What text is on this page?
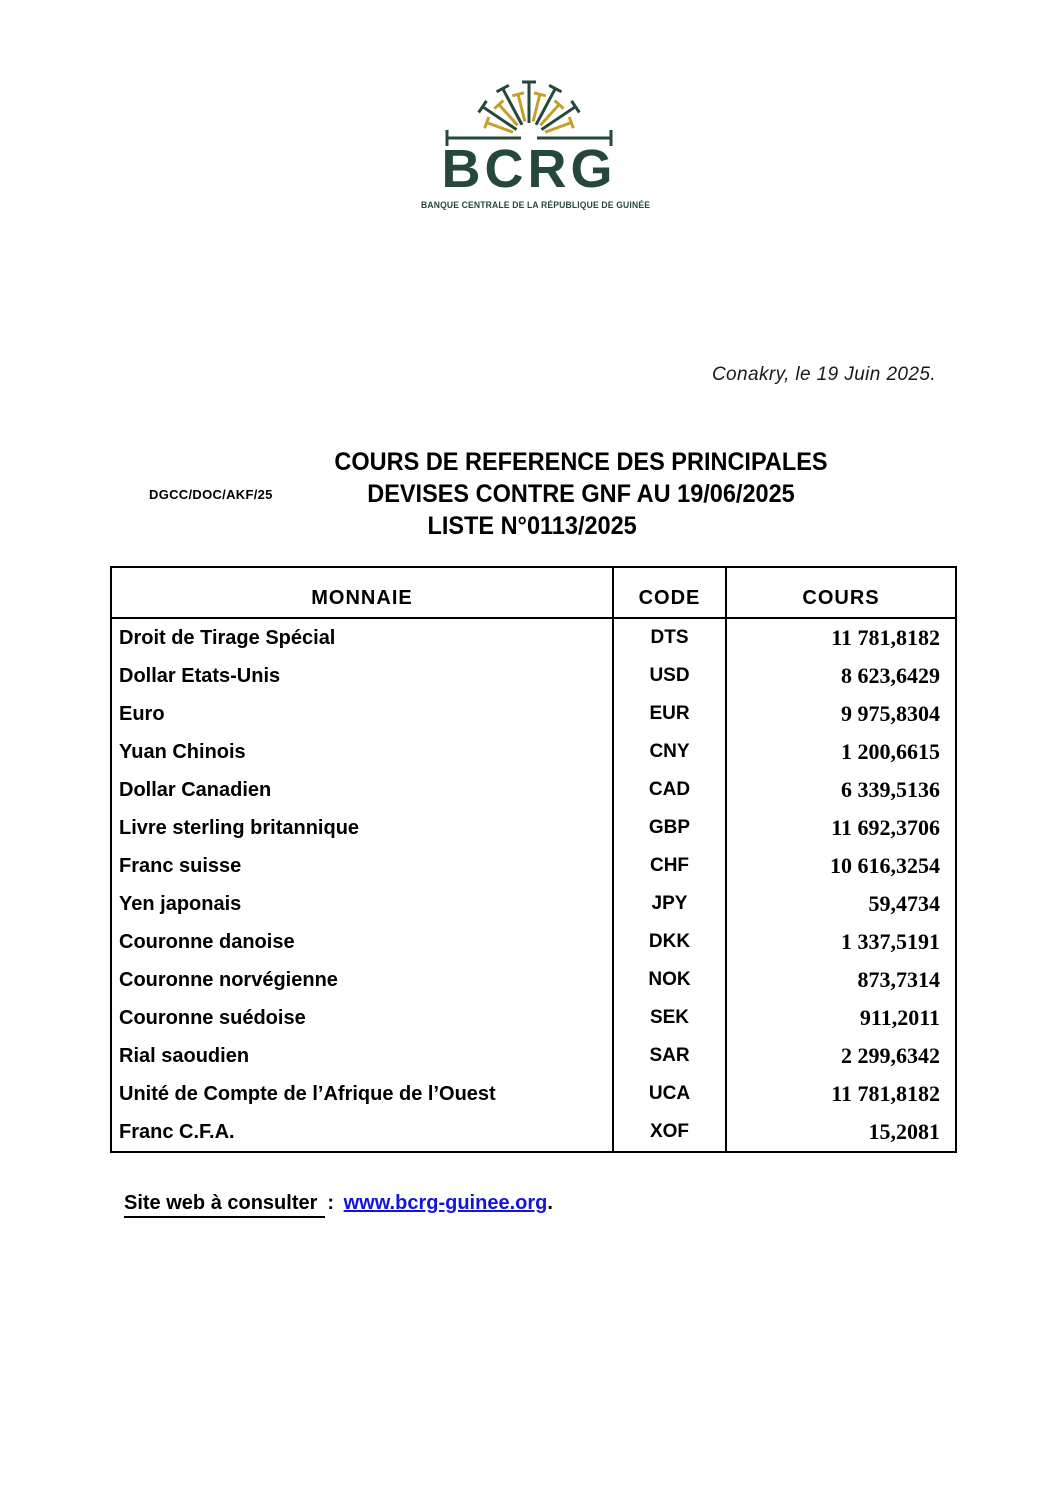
BCRG
BANQUE CENTRALE DE LA RÉPUBLIQUE DE GUINÉE
Conakry, le 19 Juin 2025.
DGCC/DOC/AKF/25
COURS DE REFERENCE DES PRINCIPALES
DEVISES CONTRE GNF AU 19/06/2025
LISTE N°0113/2025
MONNAIE	CODE	COURS
Droit de Tirage Spécial	DTS	11 781,8182
Dollar Etats-Unis	USD	8 623,6429
Euro	EUR	9 975,8304
Yuan Chinois	CNY	1 200,6615
Dollar Canadien	CAD	6 339,5136
Livre sterling britannique	GBP	11 692,3706
Franc suisse	CHF	10 616,3254
Yen japonais	JPY	59,4734
Couronne danoise	DKK	1 337,5191
Couronne norvégienne	NOK	873,7314
Couronne suédoise	SEK	911,2011
Rial saoudien	SAR	2 299,6342
Unité de Compte de l’Afrique de l’Ouest	UCA	11 781,8182
Franc C.F.A.	XOF	15,2081
Site web à consulter : www.bcrg-guinee.org.
